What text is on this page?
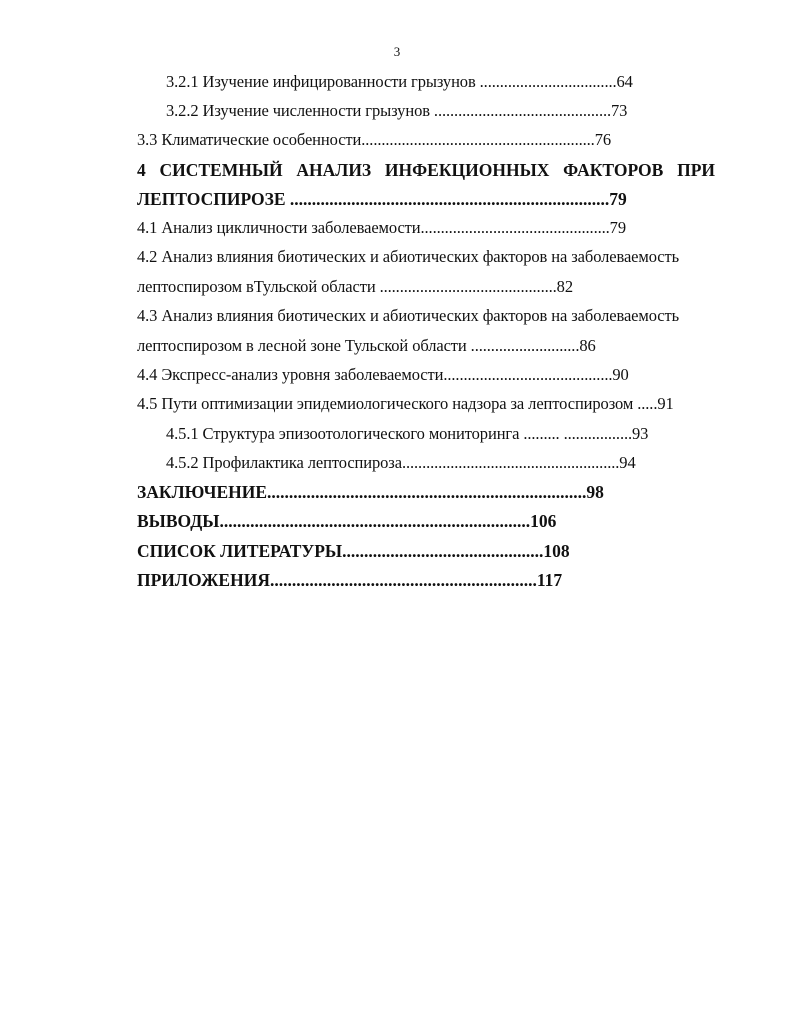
3
3.2.1 Изучение инфицированности грызунов ..................................64
3.2.2 Изучение численности грызунов ............................................73
3.3 Климатические особенности..........................................................76
4 СИСТЕМНЫЙ АНАЛИЗ ИНФЕКЦИОННЫХ ФАКТОРОВ ПРИ
ЛЕПТОСПИРОЗЕ .........................................................................79
4.1 Анализ цикличности заболеваемости...............................................79
4.2 Анализ влияния биотических и абиотических факторов на заболеваемость
лептоспирозом вТульской области ............................................82
4.3 Анализ влияния биотических и абиотических факторов на заболеваемость
лептоспирозом в лесной зоне Тульской области ...........................86
4.4 Экспресс-анализ уровня заболеваемости..........................................90
4.5 Пути оптимизации эпидемиологического надзора за лептоспирозом .....91
4.5.1 Структура эпизоотологического мониторинга ......... .................93
4.5.2 Профилактика лептоспироза......................................................94
ЗАКЛЮЧЕНИЕ.........................................................................98
ВЫВОДЫ.......................................................................106
СПИСОК ЛИТЕРАТУРЫ..............................................108
ПРИЛОЖЕНИЯ.............................................................117
